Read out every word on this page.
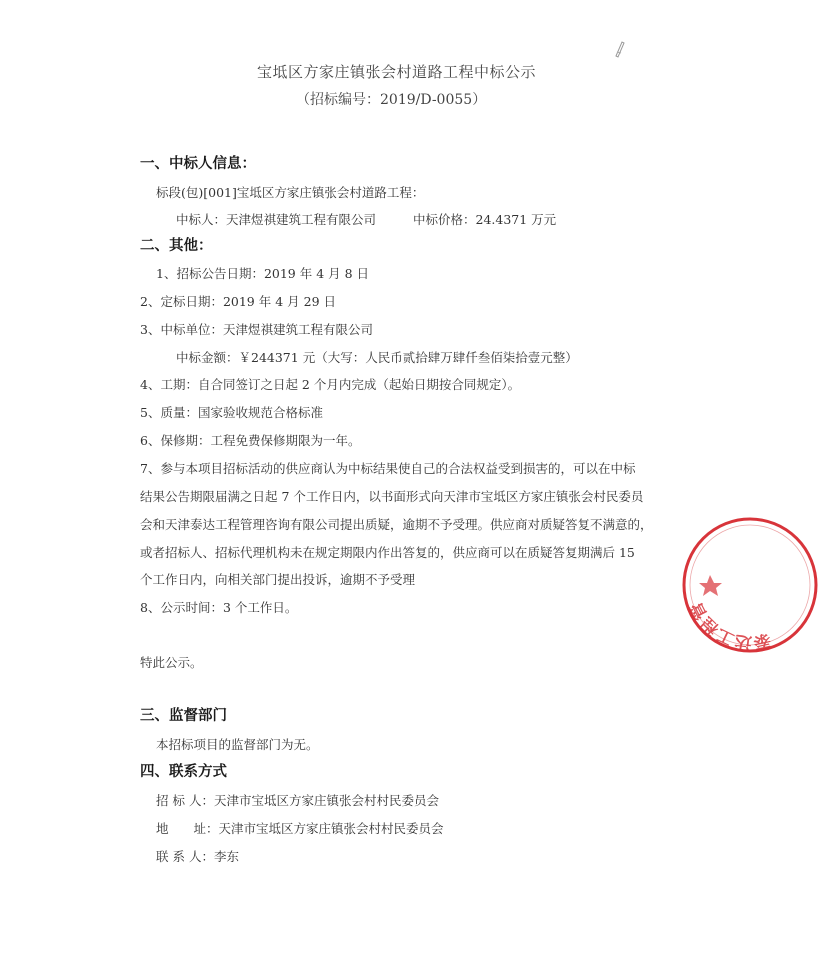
宝坻区方家庄镇张会村道路工程中标公示
（招标编号：2019/D-0055）
一、中标人信息：
标段(包)[001]宝坻区方家庄镇张会村道路工程：
中标人：天津煜祺建筑工程有限公司	中标价格：24.4371 万元
二、其他：
1、招标公告日期：2019 年 4 月 8 日
2、定标日期：2019 年 4 月 29 日
3、中标单位：天津煜祺建筑工程有限公司
中标金额：￥244371 元（大写：人民币贰拾肆万肆仟叁佰柒拾壹元整）
4、工期：自合同签订之日起 2 个月内完成（起始日期按合同规定）。
5、质量：国家验收规范合格标准
6、保修期：工程免费保修期限为一年。
7、参与本项目招标活动的供应商认为中标结果使自己的合法权益受到损害的，可以在中标
结果公告期限届满之日起 7 个工作日内，以书面形式向天津市宝坻区方家庄镇张会村民委员
会和天津泰达工程管理咨询有限公司提出质疑，逾期不予受理。供应商对质疑答复不满意的，
或者招标人、招标代理机构未在规定期限内作出答复的，供应商可以在质疑答复期满后 15
个工作日内，向相关部门提出投诉，逾期不予受理
8、公示时间：3 个工作日。
特此公示。
三、监督部门
本招标项目的监督部门为无。
四、联系方式
招 标 人：天津市宝坻区方家庄镇张会村村民委员会
地　　址：天津市宝坻区方家庄镇张会村村民委员会
联 系 人：李东
泰达工程管
